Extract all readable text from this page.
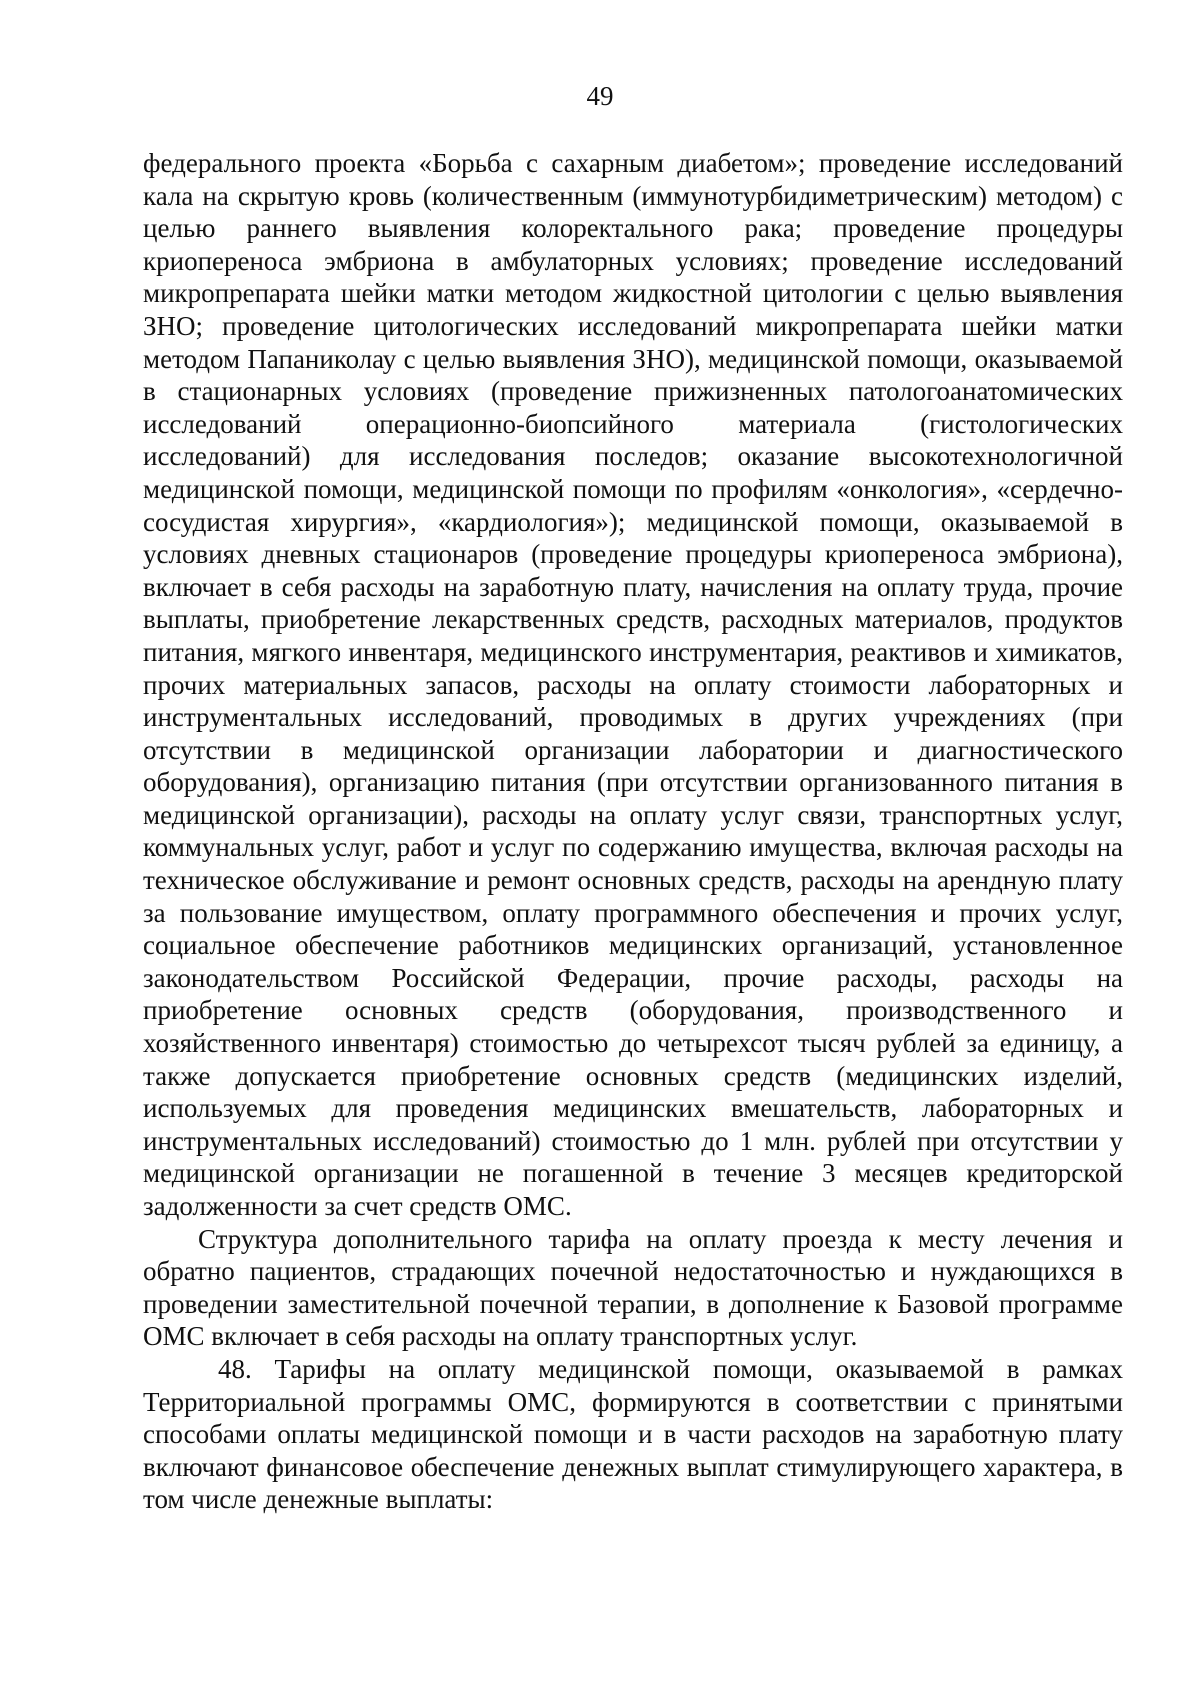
49

федерального проекта «Борьба с сахарным диабетом»; проведение исследований кала на скрытую кровь (количественным (иммунотурбидиметрическим) методом) с целью раннего выявления колоректального рака; проведение процедуры криопереноса эмбриона в амбулаторных условиях; проведение исследований микропрепарата шейки матки методом жидкостной цитологии с целью выявления ЗНО; проведение цитологических исследований микропрепарата шейки матки методом Папаниколау с целью выявления ЗНО), медицинской помощи, оказываемой в стационарных условиях (проведение прижизненных патологоанатомических исследований операционно-биопсийного материала (гистологических исследований) для исследования последов; оказание высокотехнологичной медицинской помощи, медицинской помощи по профилям «онкология», «сердечно-сосудистая хирургия», «кардиология»); медицинской помощи, оказываемой в условиях дневных стационаров (проведение процедуры криопереноса эмбриона), включает в себя расходы на заработную плату, начисления на оплату труда, прочие выплаты, приобретение лекарственных средств, расходных материалов, продуктов питания, мягкого инвентаря, медицинского инструментария, реактивов и химикатов, прочих материальных запасов, расходы на оплату стоимости лабораторных и инструментальных исследований, проводимых в других учреждениях (при отсутствии в медицинской организации лаборатории и диагностического оборудования), организацию питания (при отсутствии организованного питания в медицинской организации), расходы на оплату услуг связи, транспортных услуг, коммунальных услуг, работ и услуг по содержанию имущества, включая расходы на техническое обслуживание и ремонт основных средств, расходы на арендную плату за пользование имуществом, оплату программного обеспечения и прочих услуг, социальное обеспечение работников медицинских организаций, установленное законодательством Российской Федерации, прочие расходы, расходы на приобретение основных средств (оборудования, производственного и хозяйственного инвентаря) стоимостью до четырехсот тысяч рублей за единицу, а также допускается приобретение основных средств (медицинских изделий, используемых для проведения медицинских вмешательств, лабораторных и инструментальных исследований) стоимостью до 1 млн. рублей при отсутствии у медицинской организации не погашенной в течение 3 месяцев кредиторской задолженности за счет средств ОМС.

Структура дополнительного тарифа на оплату проезда к месту лечения и обратно пациентов, страдающих почечной недостаточностью и нуждающихся в проведении заместительной почечной терапии, в дополнение к Базовой программе ОМС включает в себя расходы на оплату транспортных услуг.

48. Тарифы на оплату медицинской помощи, оказываемой в рамках Территориальной программы ОМС, формируются в соответствии с принятыми способами оплаты медицинской помощи и в части расходов на заработную плату включают финансовое обеспечение денежных выплат стимулирующего характера, в том числе денежные выплаты:
